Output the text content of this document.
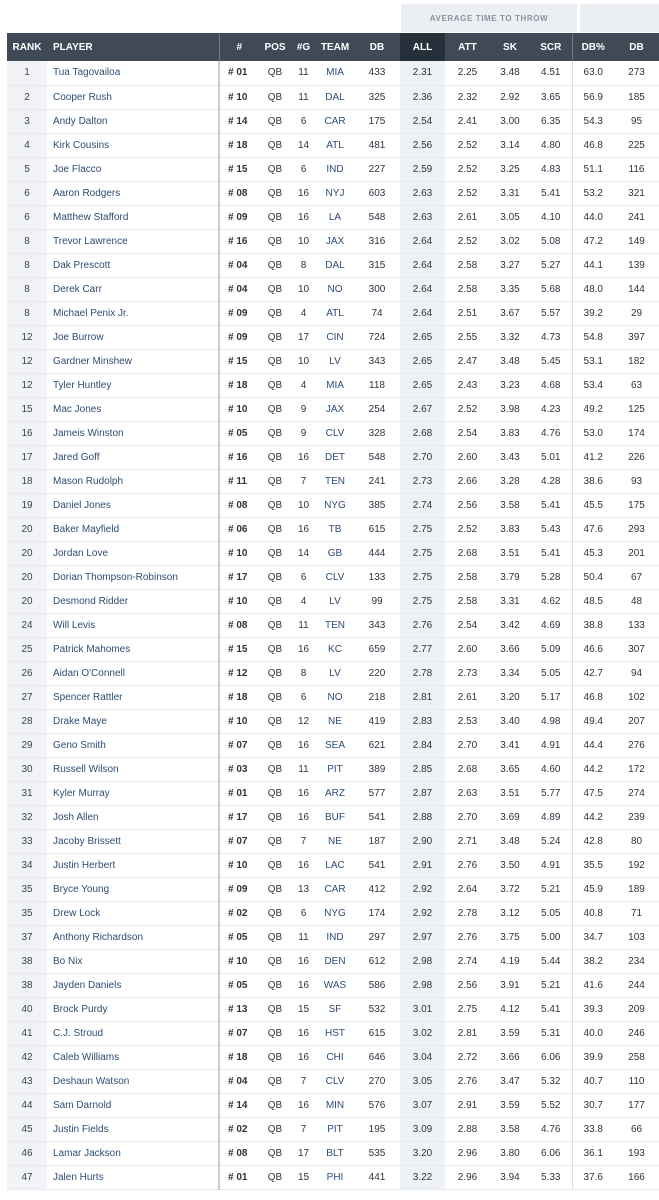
AVERAGE TIME TO THROW
RANK	PLAYER	#	POS	#G	TEAM	DB	ALL	ATT	SK	SCR	DB%	DB
1	Tua Tagovailoa	# 01	QB	11	MIA	433	2.31	2.25	3.48	4.51	63.0	273
2	Cooper Rush	# 10	QB	11	DAL	325	2.36	2.32	2.92	3.65	56.9	185
3	Andy Dalton	# 14	QB	6	CAR	175	2.54	2.41	3.00	6.35	54.3	95
4	Kirk Cousins	# 18	QB	14	ATL	481	2.56	2.52	3.14	4.80	46.8	225
5	Joe Flacco	# 15	QB	6	IND	227	2.59	2.52	3.25	4.83	51.1	116
6	Aaron Rodgers	# 08	QB	16	NYJ	603	2.63	2.52	3.31	5.41	53.2	321
6	Matthew Stafford	# 09	QB	16	LA	548	2.63	2.61	3.05	4.10	44.0	241
8	Trevor Lawrence	# 16	QB	10	JAX	316	2.64	2.52	3.02	5.08	47.2	149
8	Dak Prescott	# 04	QB	8	DAL	315	2.64	2.58	3.27	5.27	44.1	139
8	Derek Carr	# 04	QB	10	NO	300	2.64	2.58	3.35	5.68	48.0	144
8	Michael Penix Jr.	# 09	QB	4	ATL	74	2.64	2.51	3.67	5.57	39.2	29
12	Joe Burrow	# 09	QB	17	CIN	724	2.65	2.55	3.32	4.73	54.8	397
12	Gardner Minshew	# 15	QB	10	LV	343	2.65	2.47	3.48	5.45	53.1	182
12	Tyler Huntley	# 18	QB	4	MIA	118	2.65	2.43	3.23	4.68	53.4	63
15	Mac Jones	# 10	QB	9	JAX	254	2.67	2.52	3.98	4.23	49.2	125
16	Jameis Winston	# 05	QB	9	CLV	328	2.68	2.54	3.83	4.76	53.0	174
17	Jared Goff	# 16	QB	16	DET	548	2.70	2.60	3.43	5.01	41.2	226
18	Mason Rudolph	# 11	QB	7	TEN	241	2.73	2.66	3.28	4.28	38.6	93
19	Daniel Jones	# 08	QB	10	NYG	385	2.74	2.56	3.58	5.41	45.5	175
20	Baker Mayfield	# 06	QB	16	TB	615	2.75	2.52	3.83	5.43	47.6	293
20	Jordan Love	# 10	QB	14	GB	444	2.75	2.68	3.51	5.41	45.3	201
20	Dorian Thompson-Robinson	# 17	QB	6	CLV	133	2.75	2.58	3.79	5.28	50.4	67
20	Desmond Ridder	# 10	QB	4	LV	99	2.75	2.58	3.31	4.62	48.5	48
24	Will Levis	# 08	QB	11	TEN	343	2.76	2.54	3.42	4.69	38.8	133
25	Patrick Mahomes	# 15	QB	16	KC	659	2.77	2.60	3.66	5.09	46.6	307
26	Aidan O'Connell	# 12	QB	8	LV	220	2.78	2.73	3.34	5.05	42.7	94
27	Spencer Rattler	# 18	QB	6	NO	218	2.81	2.61	3.20	5.17	46.8	102
28	Drake Maye	# 10	QB	12	NE	419	2.83	2.53	3.40	4.98	49.4	207
29	Geno Smith	# 07	QB	16	SEA	621	2.84	2.70	3.41	4.91	44.4	276
30	Russell Wilson	# 03	QB	11	PIT	389	2.85	2.68	3.65	4.60	44.2	172
31	Kyler Murray	# 01	QB	16	ARZ	577	2.87	2.63	3.51	5.77	47.5	274
32	Josh Allen	# 17	QB	16	BUF	541	2.88	2.70	3.69	4.89	44.2	239
33	Jacoby Brissett	# 07	QB	7	NE	187	2.90	2.71	3.48	5.24	42.8	80
34	Justin Herbert	# 10	QB	16	LAC	541	2.91	2.76	3.50	4.91	35.5	192
35	Bryce Young	# 09	QB	13	CAR	412	2.92	2.64	3.72	5.21	45.9	189
35	Drew Lock	# 02	QB	6	NYG	174	2.92	2.78	3.12	5.05	40.8	71
37	Anthony Richardson	# 05	QB	11	IND	297	2.97	2.76	3.75	5.00	34.7	103
38	Bo Nix	# 10	QB	16	DEN	612	2.98	2.74	4.19	5.44	38.2	234
38	Jayden Daniels	# 05	QB	16	WAS	586	2.98	2.56	3.91	5.21	41.6	244
40	Brock Purdy	# 13	QB	15	SF	532	3.01	2.75	4.12	5.41	39.3	209
41	C.J. Stroud	# 07	QB	16	HST	615	3.02	2.81	3.59	5.31	40.0	246
42	Caleb Williams	# 18	QB	16	CHI	646	3.04	2.72	3.66	6.06	39.9	258
43	Deshaun Watson	# 04	QB	7	CLV	270	3.05	2.76	3.47	5.32	40.7	110
44	Sam Darnold	# 14	QB	16	MIN	576	3.07	2.91	3.59	5.52	30.7	177
45	Justin Fields	# 02	QB	7	PIT	195	3.09	2.88	3.58	4.76	33.8	66
46	Lamar Jackson	# 08	QB	17	BLT	535	3.20	2.96	3.80	6.06	36.1	193
47	Jalen Hurts	# 01	QB	15	PHI	441	3.22	2.96	3.94	5.33	37.6	166
